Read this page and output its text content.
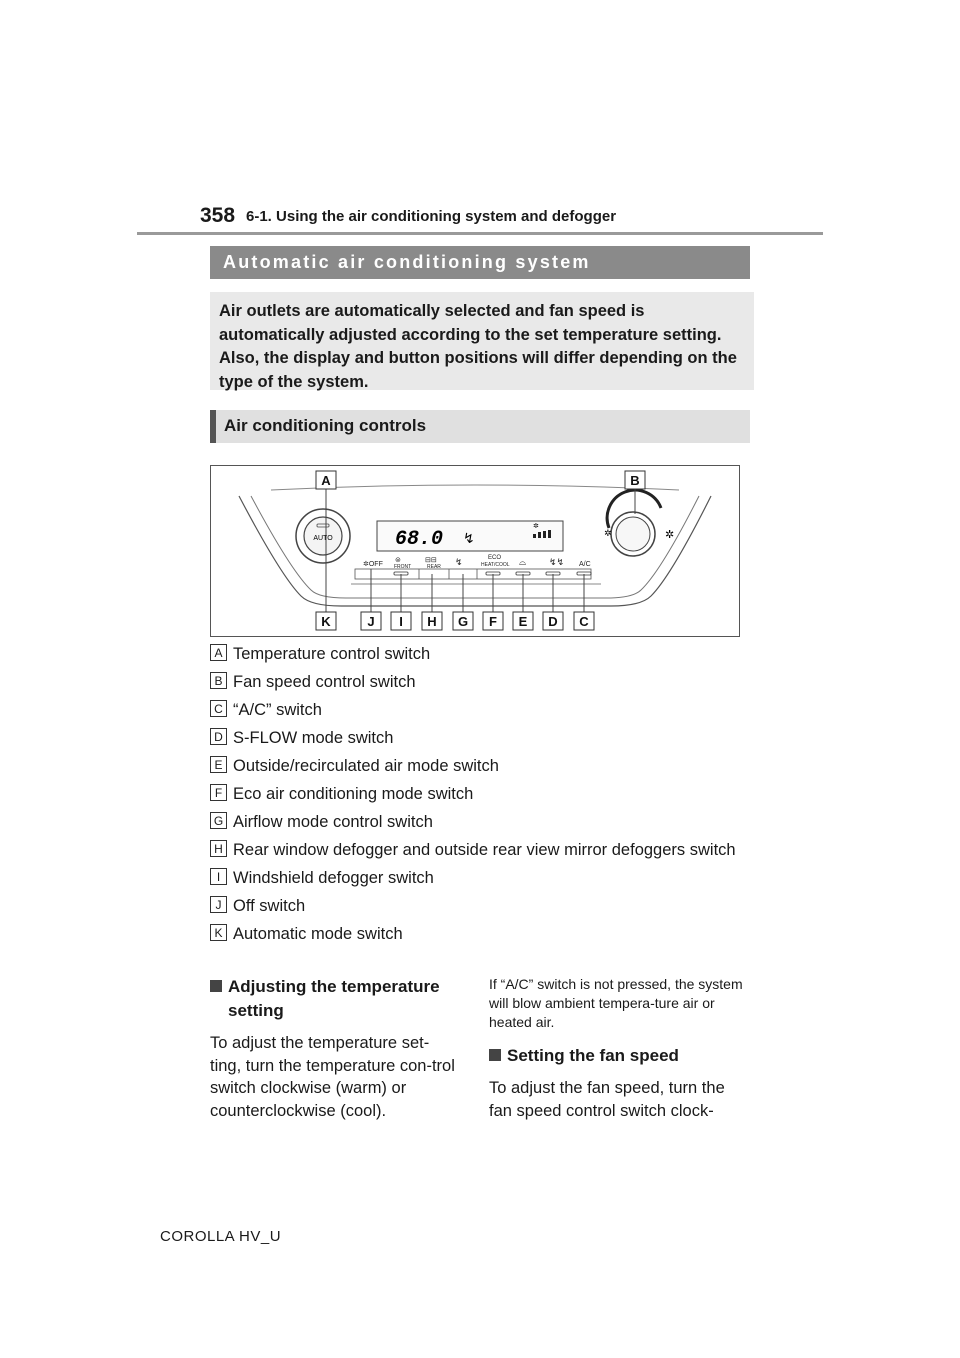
358 6-1. Using the air conditioning system and defogger
Automatic air conditioning system

Air outlets are automatically selected and fan speed is automatically adjusted according to the set temperature setting. Also, the display and button positions will differ depending on the type of the system.

Air conditioning controls
AUTO	✲	✲
68.0 ↯
✲
✲OFF
⊜
FRONT
⊟⊟
REAR ↯	ECO
HEAT/COOL ⌓	↯↯ A/C
A	B
K	J I H G F E D C
A Temperature control switch
B Fan speed control switch
C “A/C” switch
D S-FLOW mode switch
E Outside/recirculated air mode switch
F Eco air conditioning mode switch
G Airflow mode control switch
H Rear window defogger and outside rear view mirror defoggers switch
I Windshield defogger switch
J Off switch
K Automatic mode switch

Adjusting the temperature setting

To adjust the temperature set-ting, turn the temperature con-trol switch clockwise (warm) or counterclockwise (cool).

If “A/C” switch is not pressed, the system will blow ambient tempera-ture air or heated air.

Setting the fan speed

To adjust the fan speed, turn the fan speed control switch clock-

COROLLA HV_U
